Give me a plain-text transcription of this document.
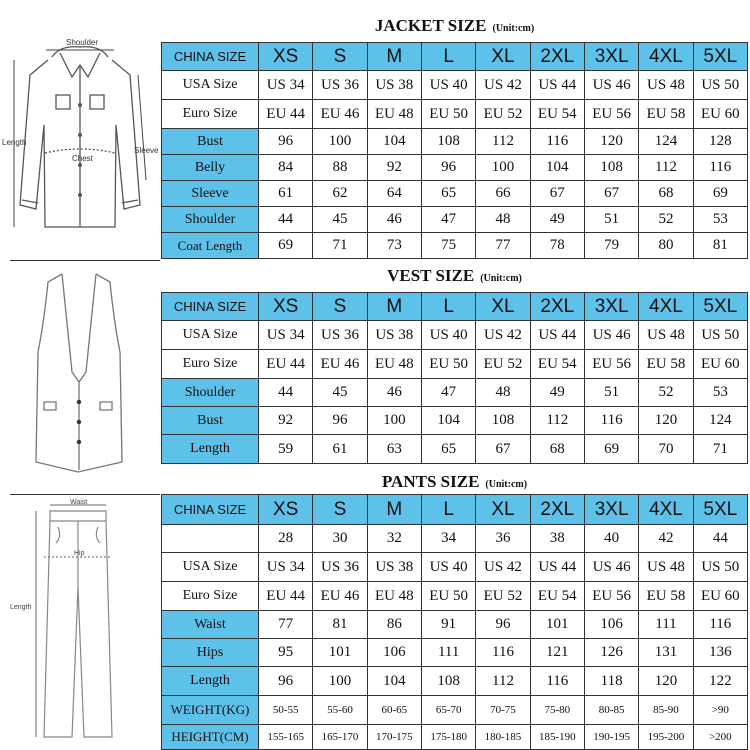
Shoulder
Length
Chest
Sleeve
Waist
Hip
Length
JACKET SIZE (Unit:cm)
VEST SIZE (Unit:cm)
PANTS SIZE (Unit:cm)
CHINA SIZE	XS	S	M	L	XL	2XL	3XL	4XL	5XL
USA Size	US 34	US 36	US 38	US 40	US 42	US 44	US 46	US 48	US 50
Euro Size	EU 44	EU 46	EU 48	EU 50	EU 52	EU 54	EU 56	EU 58	EU 60
Bust	96	100	104	108	112	116	120	124	128
Belly	84	88	92	96	100	104	108	112	116
Sleeve	61	62	64	65	66	67	67	68	69
Shoulder	44	45	46	47	48	49	51	52	53
Coat Length	69	71	73	75	77	78	79	80	81
CHINA SIZE	XS	S	M	L	XL	2XL	3XL	4XL	5XL
USA Size	US 34	US 36	US 38	US 40	US 42	US 44	US 46	US 48	US 50
Euro Size	EU 44	EU 46	EU 48	EU 50	EU 52	EU 54	EU 56	EU 58	EU 60
Shoulder	44	45	46	47	48	49	51	52	53
Bust	92	96	100	104	108	112	116	120	124
Length	59	61	63	65	67	68	69	70	71
CHINA SIZE	XS	S	M	L	XL	2XL	3XL	4XL	5XL
	28	30	32	34	36	38	40	42	44
USA Size	US 34	US 36	US 38	US 40	US 42	US 44	US 46	US 48	US 50
Euro Size	EU 44	EU 46	EU 48	EU 50	EU 52	EU 54	EU 56	EU 58	EU 60
Waist	77	81	86	91	96	101	106	111	116
Hips	95	101	106	111	116	121	126	131	136
Length	96	100	104	108	112	116	118	120	122
WEIGHT(KG)	50-55	55-60	60-65	65-70	70-75	75-80	80-85	85-90	>90
HEIGHT(CM)	155-165	165-170	170-175	175-180	180-185	185-190	190-195	195-200	>200
